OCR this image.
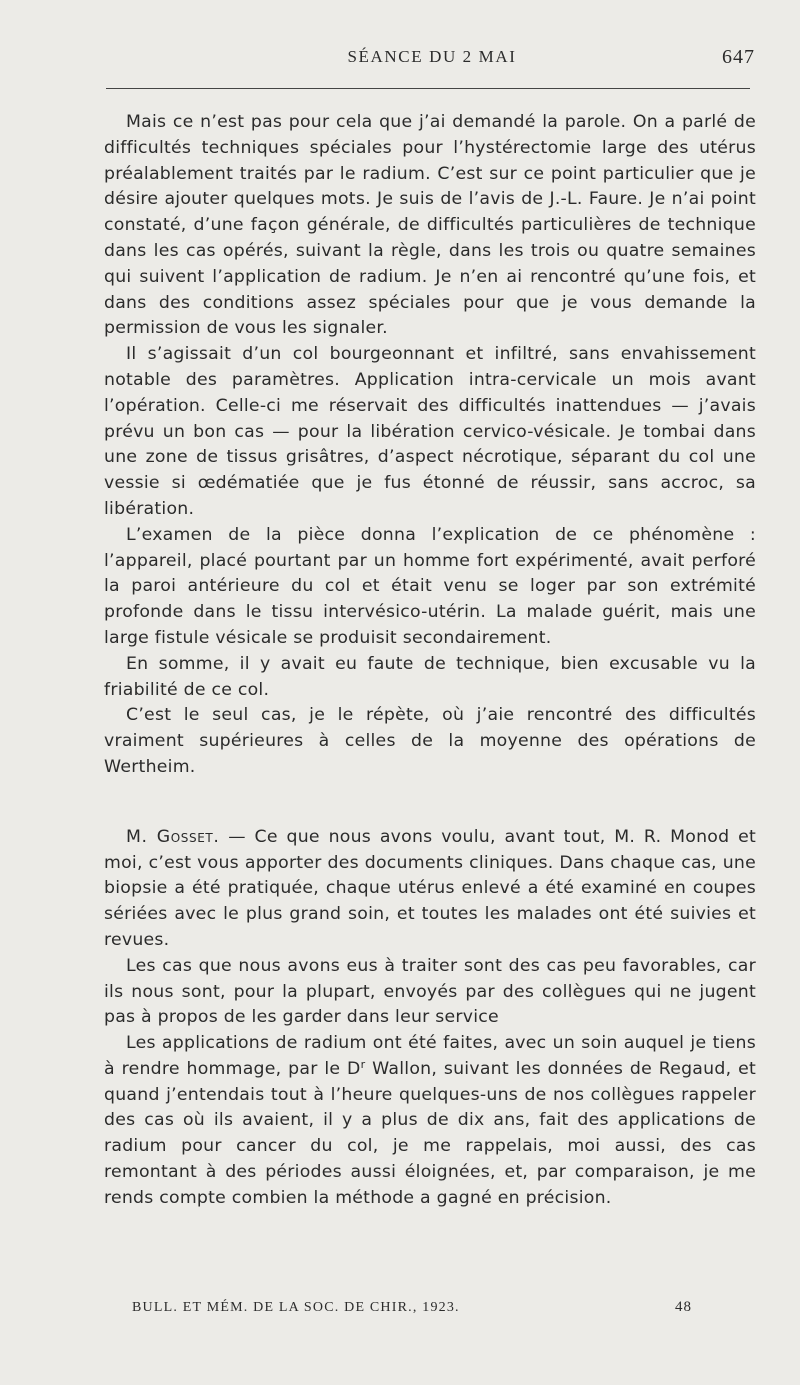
SÉANCE DU 2 MAI	647

Mais ce n’est pas pour cela que j’ai demandé la parole. On a parlé de difficultés techniques spéciales pour l’hystérectomie large des utérus préalablement traités par le radium. C’est sur ce point particulier que je désire ajouter quelques mots. Je suis de l’avis de J.-L. Faure. Je n’ai point constaté, d’une façon générale, de difficultés particulières de technique dans les cas opérés, suivant la règle, dans les trois ou quatre semaines qui suivent l’application de radium. Je n’en ai rencontré qu’une fois, et dans des conditions assez spéciales pour que je vous demande la permission de vous les signaler.

Il s’agissait d’un col bourgeonnant et infiltré, sans envahissement notable des paramètres. Application intra-cervicale un mois avant l’opération. Celle-ci me réservait des difficultés inattendues — j’avais prévu un bon cas — pour la libération cervico-vésicale. Je tombai dans une zone de tissus grisâtres, d’aspect nécrotique, séparant du col une vessie si œdématiée que je fus étonné de réussir, sans accroc, sa libération.

L’examen de la pièce donna l’explication de ce phénomène : l’appareil, placé pourtant par un homme fort expérimenté, avait perforé la paroi antérieure du col et était venu se loger par son extrémité profonde dans le tissu intervésico-utérin. La malade guérit, mais une large fistule vésicale se produisit secondairement.

En somme, il y avait eu faute de technique, bien excusable vu la friabilité de ce col.

C’est le seul cas, je le répète, où j’aie rencontré des difficultés vraiment supérieures à celles de la moyenne des opérations de Wertheim.

M. Gosset. — Ce que nous avons voulu, avant tout, M. R. Monod et moi, c’est vous apporter des documents cliniques. Dans chaque cas, une biopsie a été pratiquée, chaque utérus enlevé a été examiné en coupes sériées avec le plus grand soin, et toutes les malades ont été suivies et revues.

Les cas que nous avons eus à traiter sont des cas peu favorables, car ils nous sont, pour la plupart, envoyés par des collègues qui ne jugent pas à propos de les garder dans leur service

Les applications de radium ont été faites, avec un soin auquel je tiens à rendre hommage, par le $D^r$ Wallon, suivant les données de Regaud, et quand j’entendais tout à l’heure quelques-uns de nos collègues rappeler des cas où ils avaient, il y a plus de dix ans, fait des applications de radium pour cancer du col, je me rappelais, moi aussi, des cas remontant à des périodes aussi éloignées, et, par comparaison, je me rends compte combien la méthode a gagné en précision.

BULL. ET MÉM. DE LA SOC. DE CHIR., 1923.	48
